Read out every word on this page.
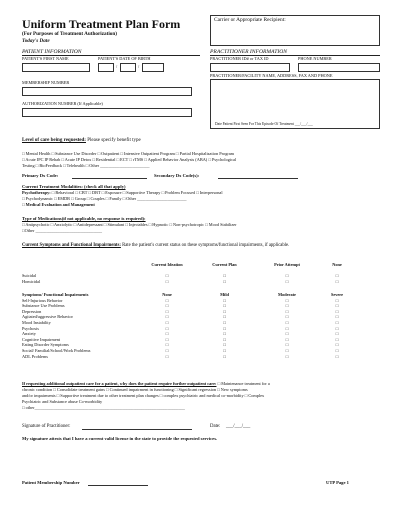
Uniform Treatment Plan Form
(For Purposes of Treatment Authorization)
Today's Date
Carrier or Appropriate Recipient:
PATIENT INFORMATION
PATIENT'S FIRST NAME	PATIENT'S DATE OF BIRTH
/	/
MEMBERSHIP NUMBER
AUTHORIZATION NUMBER (If Applicable)
PRACTITIONER INFORMATION
PRACTITIONER ID# or TAX ID	PHONE NUMBER
PRACTITIONER/FACILITY NAME, ADDRESS, FAX AND PHONE
Date Patient First Seen For This Episode Of Treatment ___/___/___
Level of care being requested: Please specify benefit type
□ Mental Health □ Substance Use Disorder □ Outpatient □ Intensive Outpatient Program □ Partial Hospitalization Program
□ Acute IPC IP Rehab □ Acute IP Detox □ Residential □ ECT □ rTMS □ Applied Behavior Analysis (ABA) □ Psychological
Testing □ BioFeedback □ Telehealth □ Other _______________________
Primary Dx Code:	Secondary Dx Code(s):
Current Treatment Modalities: (check all that apply)
Psychotherapy: □ Behavioral □ CBT □ DBT □ Exposure □ Supportive Therapy □ Problem Focused □ Interpersonal
□ Psychodynamic □ EMDR □ Group □ Couples □ Family □ Other _______________________
□ Medical Evaluation and Management
Type of Medications(if not applicable, no response is required):
□ Antipsychotic □ Anxiolytic □ Antidepressant □ Stimulant □ Injectables □ Hypnotic □ Non-psychotropic □ Mood Stabilizer
□Other _______________________________
Current Symptoms and Functional Impairments: Rate the patient's current status on these symptoms/functional impairments, if applicable.
	Current Ideation	Current Plan	Prior Attempt	None

Suicidal	□	□	□	□
Homicidal	□	□	□	□
Symptoms/ Functional Impairments	None	Mild	Moderate	Severe
Self-Injurious Behavior	□	□	□	□
Substance Use Problems	□	□	□	□
Depression	□	□	□	□
Agitated/aggressive Behavior	□	□	□	□
Mood Instability	□	□	□	□
Psychosis	□	□	□	□
Anxiety	□	□	□	□
Cognitive Impairment	□	□	□	□
Eating Disorder Symptoms	□	□	□	□
Social/ Familial/School/Work Problems	□	□	□	□
ADL Problems	□	□	□	□
If requesting additional outpatient care for a patient, why does the patient require further outpatient care: □ Maintenance treatment for a
chronic condition □ Consolidate treatment gains □ Continued impairment in functioning □ Significant regression □ New symptoms
and/or impairments □ Supportive treatment due to other treatment plan changes □ complex psychiatric and medical co-morbidity □ Complex
Psychiatric and Substance abuse Co-morbidity
□ other______________________________________________________________________
Signature of Practitioner:	Date: ___/___/___
My signature attests that I have a current valid license in the state to provide the requested services.
Patient Membership Number	UTP Page 1
